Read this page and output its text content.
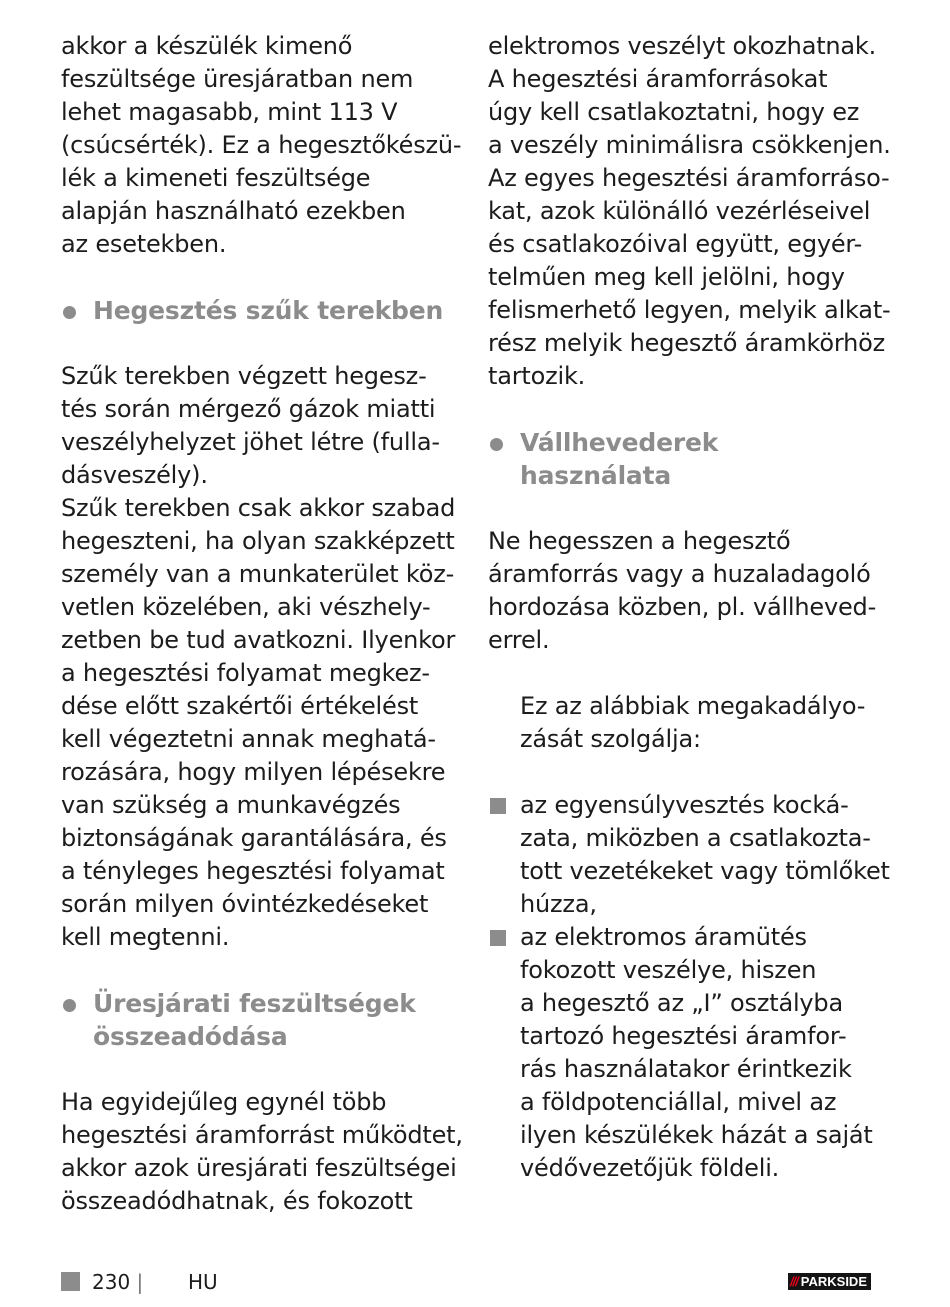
akkor a készülék kimenő
feszültsége üresjáratban nem
lehet magasabb, mint 113 V
(csúcsérték). Ez a hegesztőkészü-
lék a kimeneti feszültsége
alapján használható ezekben
az esetekben.
Hegesztés szűk terekben
Szűk terekben végzett hegesz-
tés során mérgező gázok miatti
veszélyhelyzet jöhet létre (fulla-
dásveszély).
Szűk terekben csak akkor szabad
hegeszteni, ha olyan szakképzett
személy van a munkaterület köz-
vetlen közelében, aki vészhely-
zetben be tud avatkozni. Ilyenkor
a hegesztési folyamat megkez-
dése előtt szakértői értékelést
kell végeztetni annak meghatá-
rozására, hogy milyen lépésekre
van szükség a munkavégzés
biztonságának garantálására, és
a tényleges hegesztési folyamat
során milyen óvintézkedéseket
kell megtenni.
Üresjárati feszültségek
összeadódása
Ha egyidejűleg egynél több
hegesztési áramforrást működtet,
akkor azok üresjárati feszültségei
összeadódhatnak, és fokozott
elektromos veszélyt okozhatnak.
A hegesztési áramforrásokat
úgy kell csatlakoztatni, hogy ez
a veszély minimálisra csökkenjen.
Az egyes hegesztési áramforráso-
kat, azok különálló vezérléseivel
és csatlakozóival együtt, egyér-
telműen meg kell jelölni, hogy
felismerhető legyen, melyik alkat-
rész melyik hegesztő áramkörhöz
tartozik.
Vállhevederek
használata
Ne hegesszen a hegesztő
áramforrás vagy a huzaladagoló
hordozása közben, pl. vállheved-
errel.
Ez az alábbiak megakadályo-
zását szolgálja:
az egyensúlyvesztés kocká-
zata, miközben a csatlakozta-
tott vezetékeket vagy tömlőket
húzza,
az elektromos áramütés
fokozott veszélye, hiszen
a hegesztő az „I” osztályba
tartozó hegesztési áramfor-
rás használatakor érintkezik
a földpotenciállal, mivel az
ilyen készülékek házát a saját
védővezetőjük földeli.
230 | HU	/// PARKSIDE
